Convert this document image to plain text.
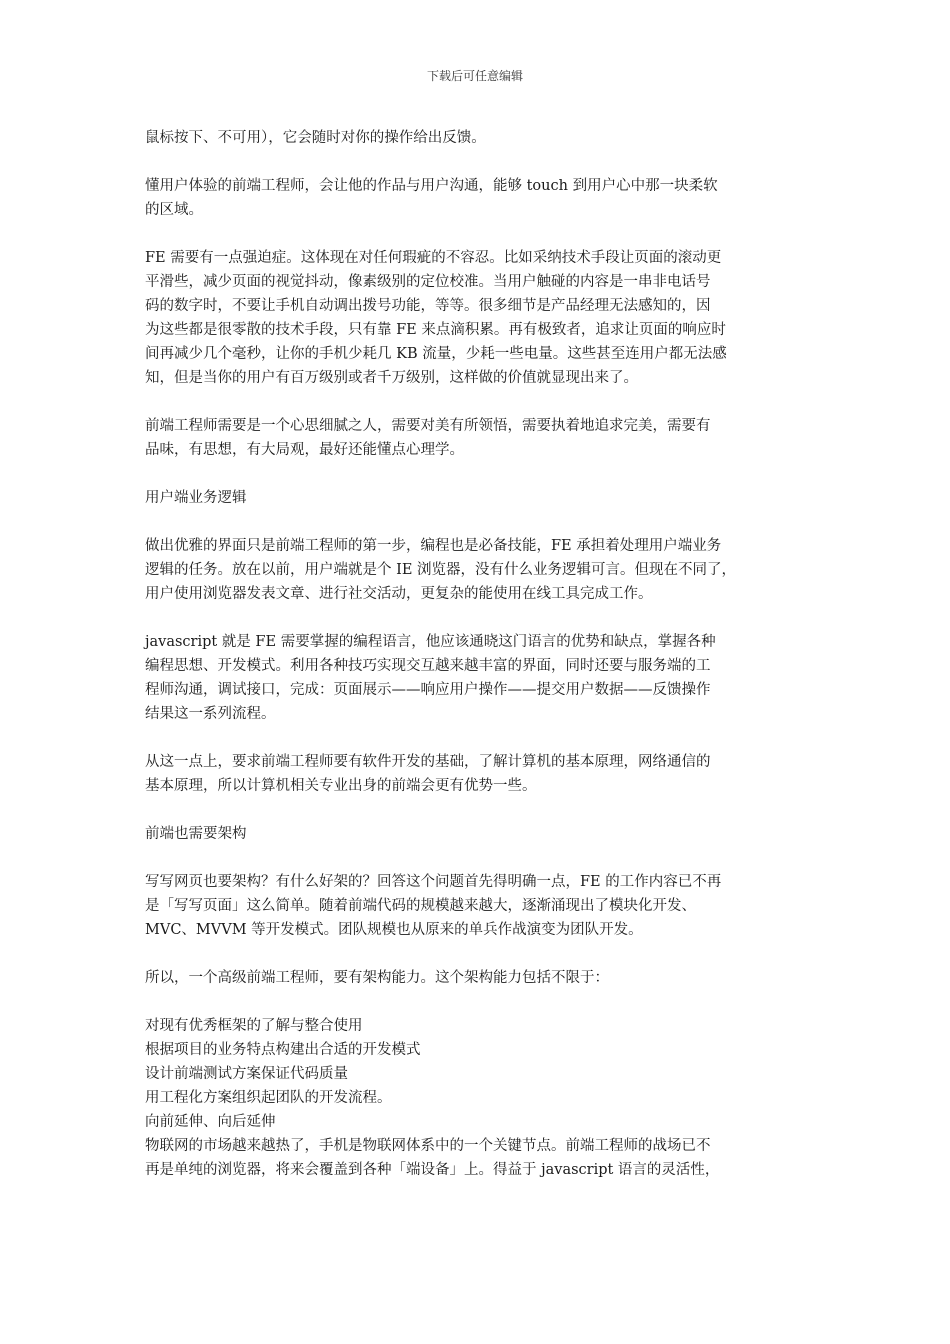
下载后可任意编辑

鼠标按下、不可用），它会随时对你的操作给出反馈。

懂用户体验的前端工程师，会让他的作品与用户沟通，能够 touch 到用户心中那一块柔软
的区域。

FE 需要有一点强迫症。这体现在对任何瑕疵的不容忍。比如采纳技术手段让页面的滚动更
平滑些，减少页面的视觉抖动，像素级别的定位校准。当用户触碰的内容是一串非电话号
码的数字时，不要让手机自动调出拨号功能，等等。很多细节是产品经理无法感知的，因
为这些都是很零散的技术手段，只有靠 FE 来点滴积累。再有极致者，追求让页面的响应时
间再减少几个毫秒，让你的手机少耗几 KB 流量，少耗一些电量。这些甚至连用户都无法感
知，但是当你的用户有百万级别或者千万级别，这样做的价值就显现出来了。

前端工程师需要是一个心思细腻之人，需要对美有所领悟，需要执着地追求完美，需要有
品味，有思想，有大局观，最好还能懂点心理学。

用户端业务逻辑

做出优雅的界面只是前端工程师的第一步，编程也是必备技能，FE 承担着处理用户端业务
逻辑的任务。放在以前，用户端就是个 IE 浏览器，没有什么业务逻辑可言。但现在不同了，
用户使用浏览器发表文章、进行社交活动，更复杂的能使用在线工具完成工作。

javascript 就是 FE 需要掌握的编程语言，他应该通晓这门语言的优势和缺点，掌握各种
编程思想、开发模式。利用各种技巧实现交互越来越丰富的界面，同时还要与服务端的工
程师沟通，调试接口，完成：页面展示——响应用户操作——提交用户数据——反馈操作
结果这一系列流程。

从这一点上，要求前端工程师要有软件开发的基础，了解计算机的基本原理，网络通信的
基本原理，所以计算机相关专业出身的前端会更有优势一些。

前端也需要架构

写写网页也要架构？有什么好架的？回答这个问题首先得明确一点，FE 的工作内容已不再
是「写写页面」这么简单。随着前端代码的规模越来越大，逐渐涌现出了模块化开发、
MVC、MVVM 等开发模式。团队规模也从原来的单兵作战演变为团队开发。

所以，一个高级前端工程师，要有架构能力。这个架构能力包括不限于：

对现有优秀框架的了解与整合使用
根据项目的业务特点构建出合适的开发模式
设计前端测试方案保证代码质量
用工程化方案组织起团队的开发流程。
向前延伸、向后延伸

物联网的市场越来越热了，手机是物联网体系中的一个关键节点。前端工程师的战场已不
再是单纯的浏览器，将来会覆盖到各种「端设备」上。得益于 javascript 语言的灵活性，
